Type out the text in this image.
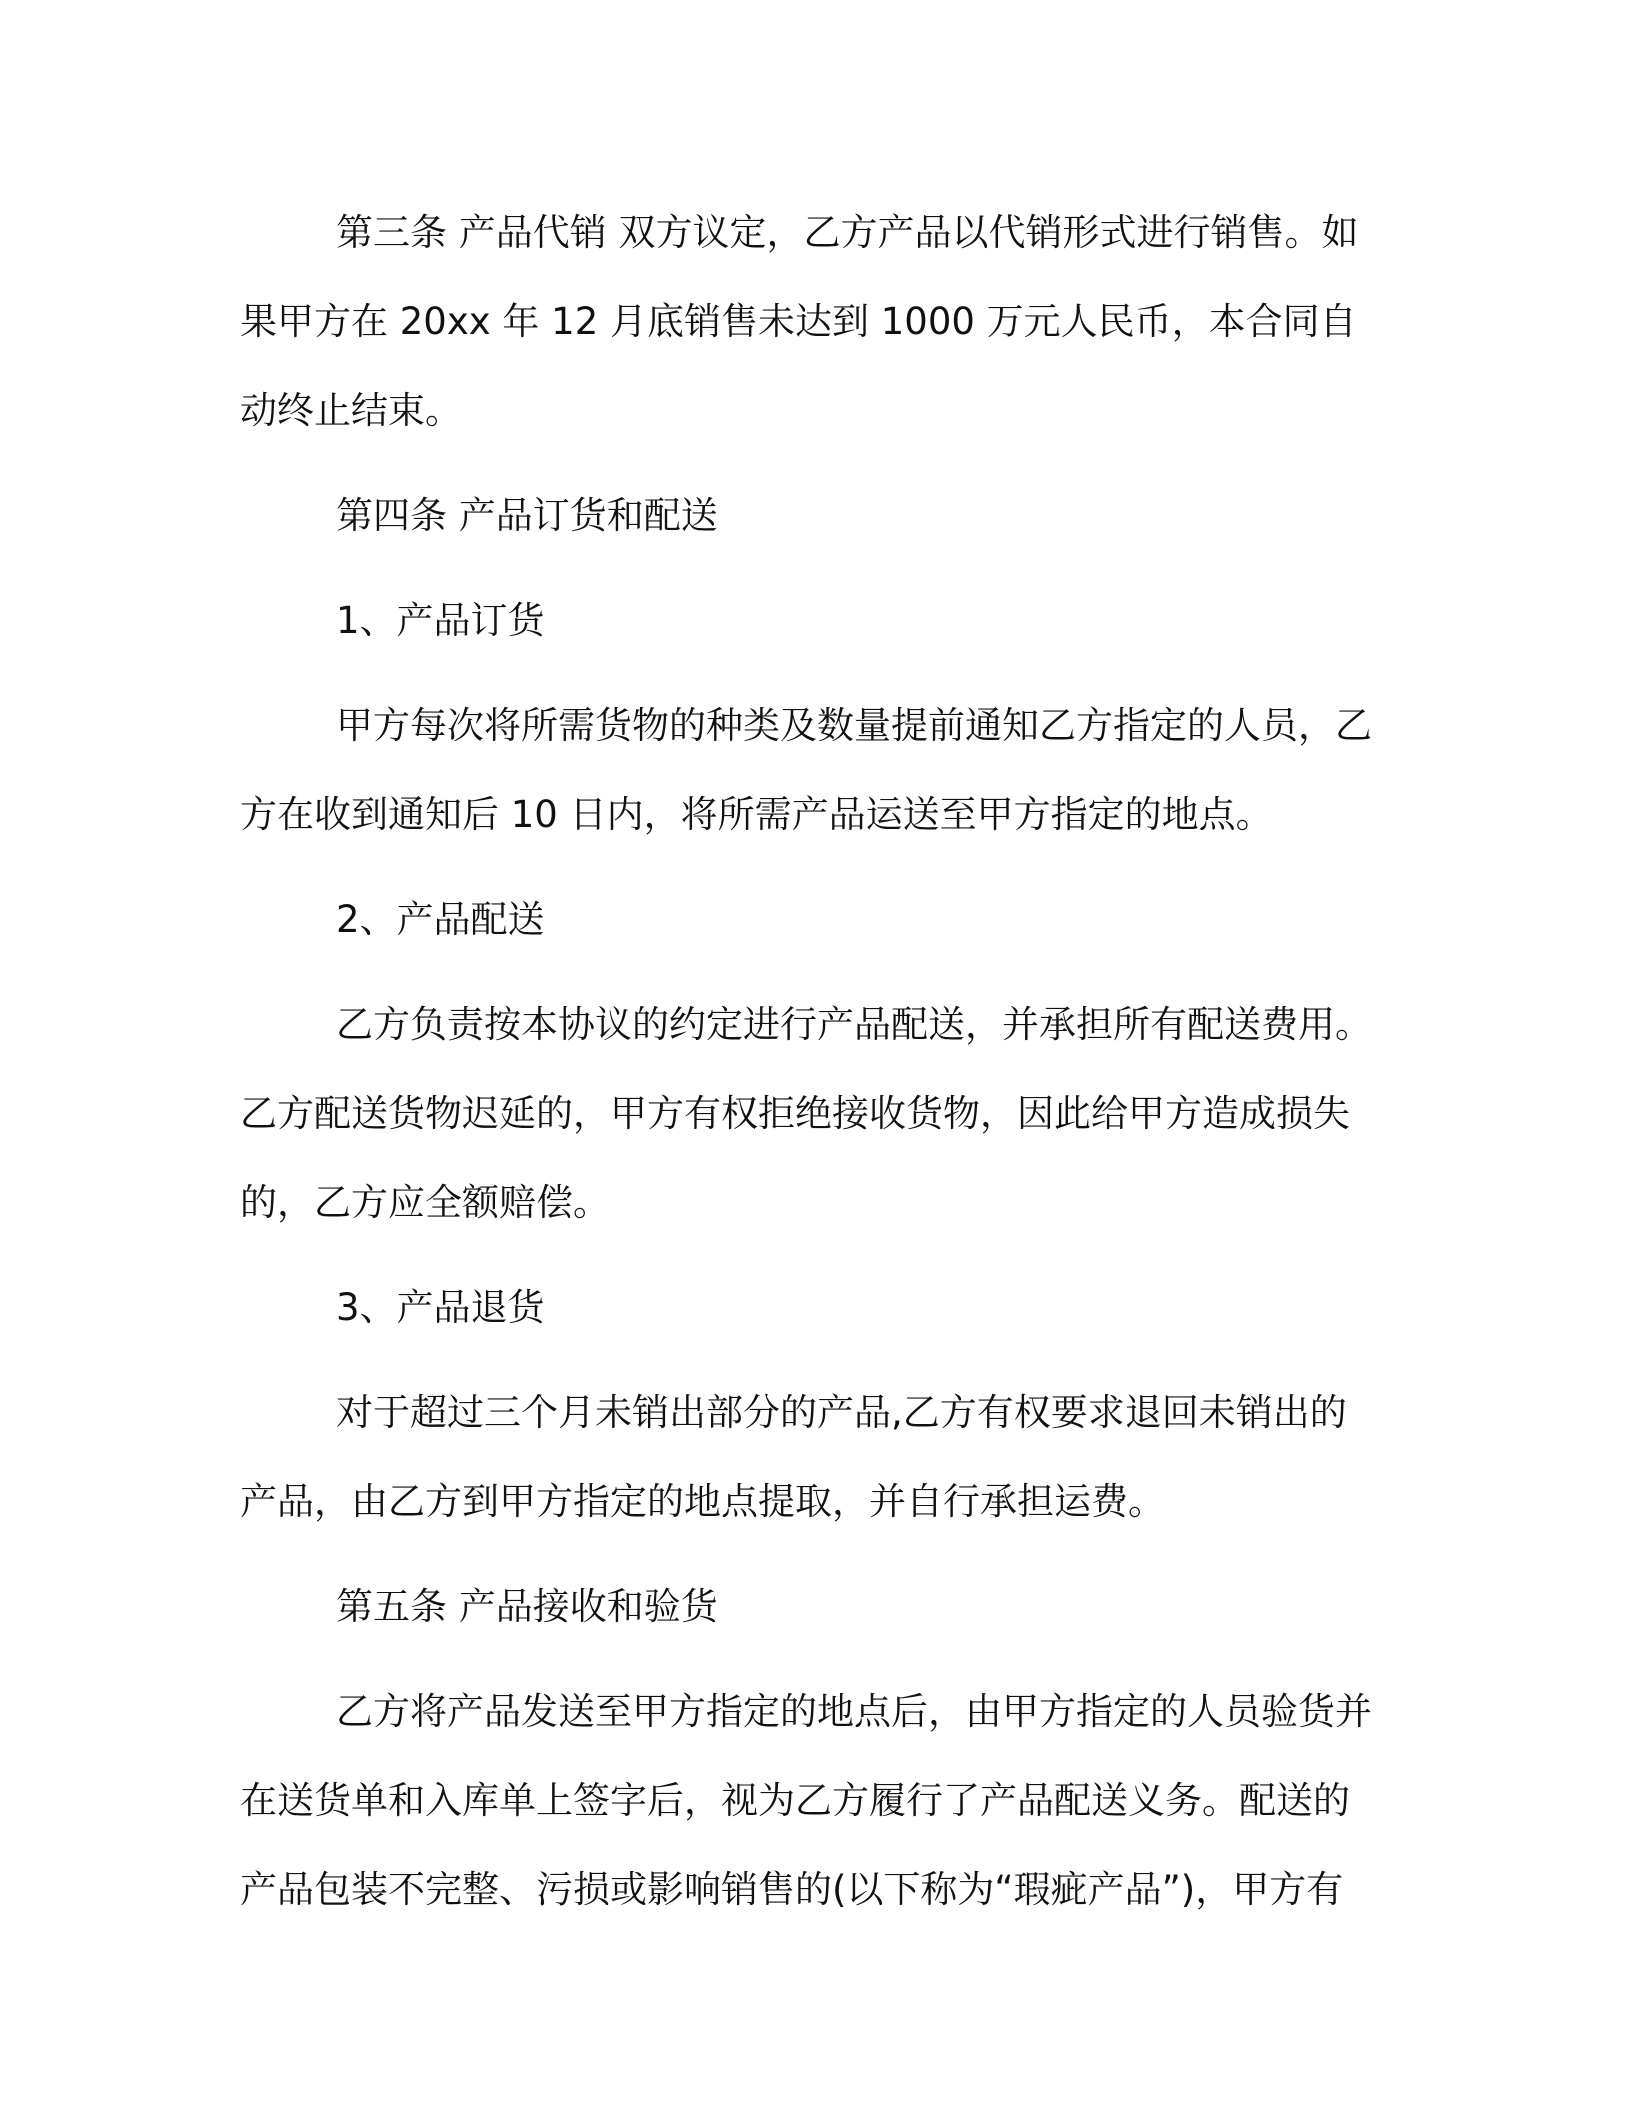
第三条 产品代销 双方议定，乙方产品以代销形式进行销售。如果甲方在 20xx 年 12 月底销售未达到 1000 万元人民币，本合同自动终止结束。

第四条 产品订货和配送

1、产品订货

甲方每次将所需货物的种类及数量提前通知乙方指定的人员，乙方在收到通知后 10 日内，将所需产品运送至甲方指定的地点。

2、产品配送

乙方负责按本协议的约定进行产品配送，并承担所有配送费用。乙方配送货物迟延的，甲方有权拒绝接收货物，因此给甲方造成损失的，乙方应全额赔偿。

3、产品退货

对于超过三个月未销出部分的产品,乙方有权要求退回未销出的产品，由乙方到甲方指定的地点提取，并自行承担运费。

第五条 产品接收和验货

乙方将产品发送至甲方指定的地点后，由甲方指定的人员验货并在送货单和入库单上签字后，视为乙方履行了产品配送义务。配送的产品包装不完整、污损或影响销售的(以下称为“瑕疵产品”)，甲方有
